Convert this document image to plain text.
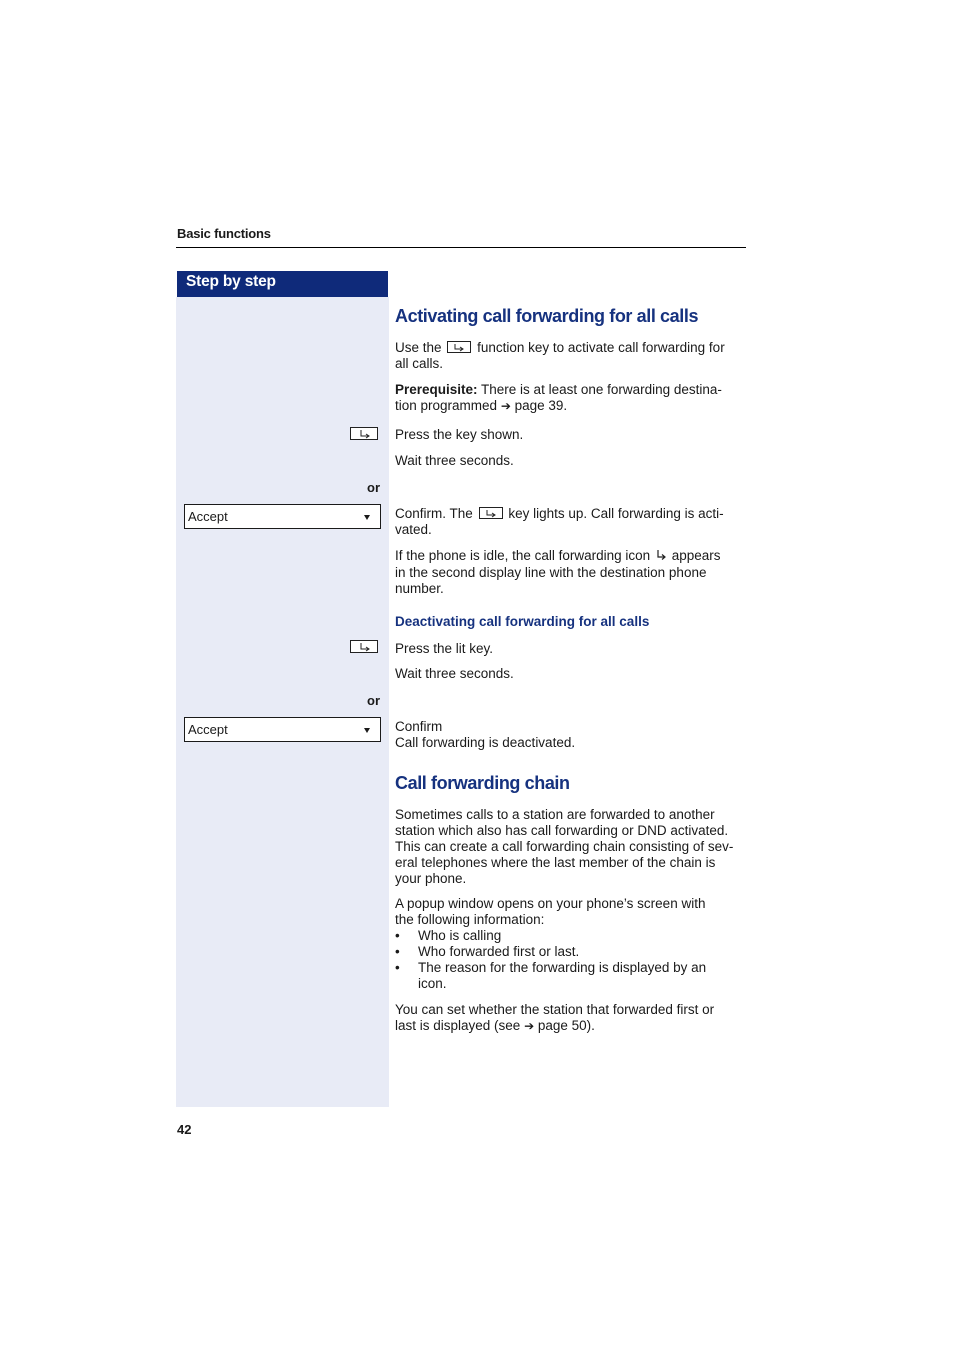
Basic functions
Step by step
Activating call forwarding for all calls
Use the	function key to activate call forwarding for
all calls.
Prerequisite: There is at least one forwarding destina-
tion programmed ➔ page 39.
Press the key shown.
Wait three seconds.
or
Accept	Confirm. The	key lights up. Call forwarding is acti-
vated.
If the phone is idle, the call forwarding icon appears
in the second display line with the destination phone
number.
Deactivating call forwarding for all calls
Press the lit key.
Wait three seconds.
or
Accept	Confirm
Call forwarding is deactivated.
Call forwarding chain
Sometimes calls to a station are forwarded to another
station which also has call forwarding or DND activated.
This can create a call forwarding chain consisting of sev-
eral telephones where the last member of the chain is
your phone.
A popup window opens on your phone’s screen with
the following information:
• Who is calling
• Who forwarded first or last.
• The reason for the forwarding is displayed by an
icon.
You can set whether the station that forwarded first or
last is displayed (see ➔ page 50).
42
